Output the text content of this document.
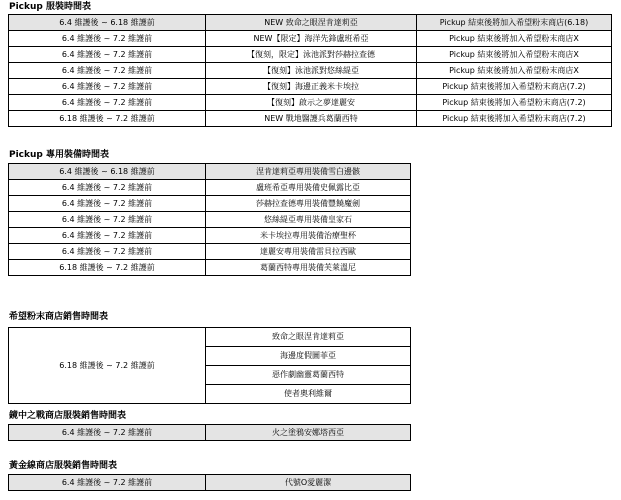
Pickup 服裝時間表
6.4 維護後 ~ 6.18 維護前	NEW 致命之眼涅肯達莉亞	Pickup 結束後將加入希望粉末商店(6.18)
6.4 維護後 ~ 7.2 維護前	NEW【限定】海洋先鋒盧班希亞	Pickup 結束後將加入希望粉末商店X
6.4 維護後 ~ 7.2 維護前	【復刻，限定】泳池派對莎赫拉查德	Pickup 結束後將加入希望粉末商店X
6.4 維護後 ~ 7.2 維護前	【復刻】泳池派對悠絲緹亞	Pickup 結束後將加入希望粉末商店X
6.4 維護後 ~ 7.2 維護前	【復刻】海邊正義米卡埃拉	Pickup 結束後將加入希望粉末商店(7.2)
6.4 維護後 ~ 7.2 維護前	【復刻】啟示之夢達麗安	Pickup 結束後將加入希望粉末商店(7.2)
6.18 維護後 ~ 7.2 維護前	NEW 戰地醫護兵葛蘭西特	Pickup 結束後將加入希望粉末商店(7.2)
Pickup 專用裝備時間表
6.4 維護後 ~ 6.18 維護前	涅肯達莉亞專用裝備雪白邊骸
6.4 維護後 ~ 7.2 維護前	盧班希亞專用裝備史佩露比亞
6.4 維護後 ~ 7.2 維護前	莎赫拉查德專用裝備豐饒魔劍
6.4 維護後 ~ 7.2 維護前	悠絲緹亞專用裝備皇家石
6.4 維護後 ~ 7.2 維護前	米卡埃拉專用裝備治療聖杯
6.4 維護後 ~ 7.2 維護前	達麗安專用裝備雷貝拉西歐
6.18 維護後 ~ 7.2 維護前	葛蘭西特專用裝備芙萊溫尼
希望粉末商店銷售時間表
6.18 維護後 ~ 7.2 維護前	致命之眼涅肯達莉亞
海邊度假圖菲亞
惡作劇幽靈葛蘭西特
使者奧利維爾
鏡中之戰商店服裝銷售時間表
6.4 維護後 ~ 7.2 維護前	火之塗鴉安娜塔西亞
黃金線商店服裝銷售時間表
6.4 維護後 ~ 7.2 維護前	代號O愛麗潔
